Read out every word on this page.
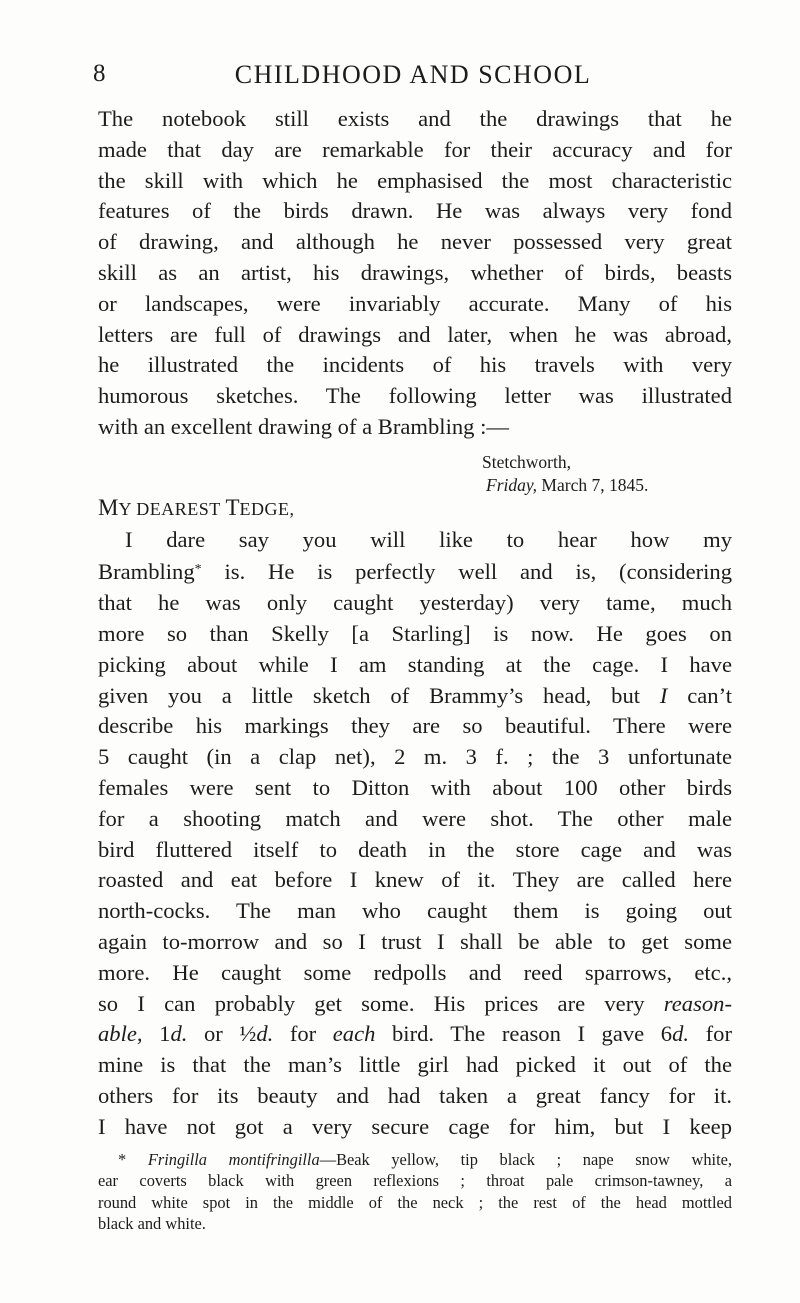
8	CHILDHOOD AND SCHOOL
The notebook still exists and the drawings that he
made that day are remarkable for their accuracy and for
the skill with which he emphasised the most characteristic
features of the birds drawn. He was always very fond
of drawing, and although he never possessed very great
skill as an artist, his drawings, whether of birds, beasts
or landscapes, were invariably accurate. Many of his
letters are full of drawings and later, when he was abroad,
he illustrated the incidents of his travels with very
humorous sketches. The following letter was illustrated
with an excellent drawing of a Brambling :—
Stetchworth,
Friday, March 7, 1845.
MY DEAREST TEDGE,
I dare say you will like to hear how my
Brambling* is. He is perfectly well and is, (considering
that he was only caught yesterday) very tame, much
more so than Skelly [a Starling] is now. He goes on
picking about while I am standing at the cage. I have
given you a little sketch of Brammy’s head, but I can’t
describe his markings they are so beautiful. There were
5 caught (in a clap net), 2 m. 3 f. ; the 3 unfortunate
females were sent to Ditton with about 100 other birds
for a shooting match and were shot. The other male
bird fluttered itself to death in the store cage and was
roasted and eat before I knew of it. They are called here
north-cocks. The man who caught them is going out
again to-morrow and so I trust I shall be able to get some
more. He caught some redpolls and reed sparrows, etc.,
so I can probably get some. His prices are very reason-
able, 1d. or ½d. for each bird. The reason I gave 6d. for
mine is that the man’s little girl had picked it out of the
others for its beauty and had taken a great fancy for it.
I have not got a very secure cage for him, but I keep
* Fringilla montifringilla—Beak yellow, tip black ; nape snow white,
ear coverts black with green reflexions ; throat pale crimson-tawney, a
round white spot in the middle of the neck ; the rest of the head mottled
black and white.
